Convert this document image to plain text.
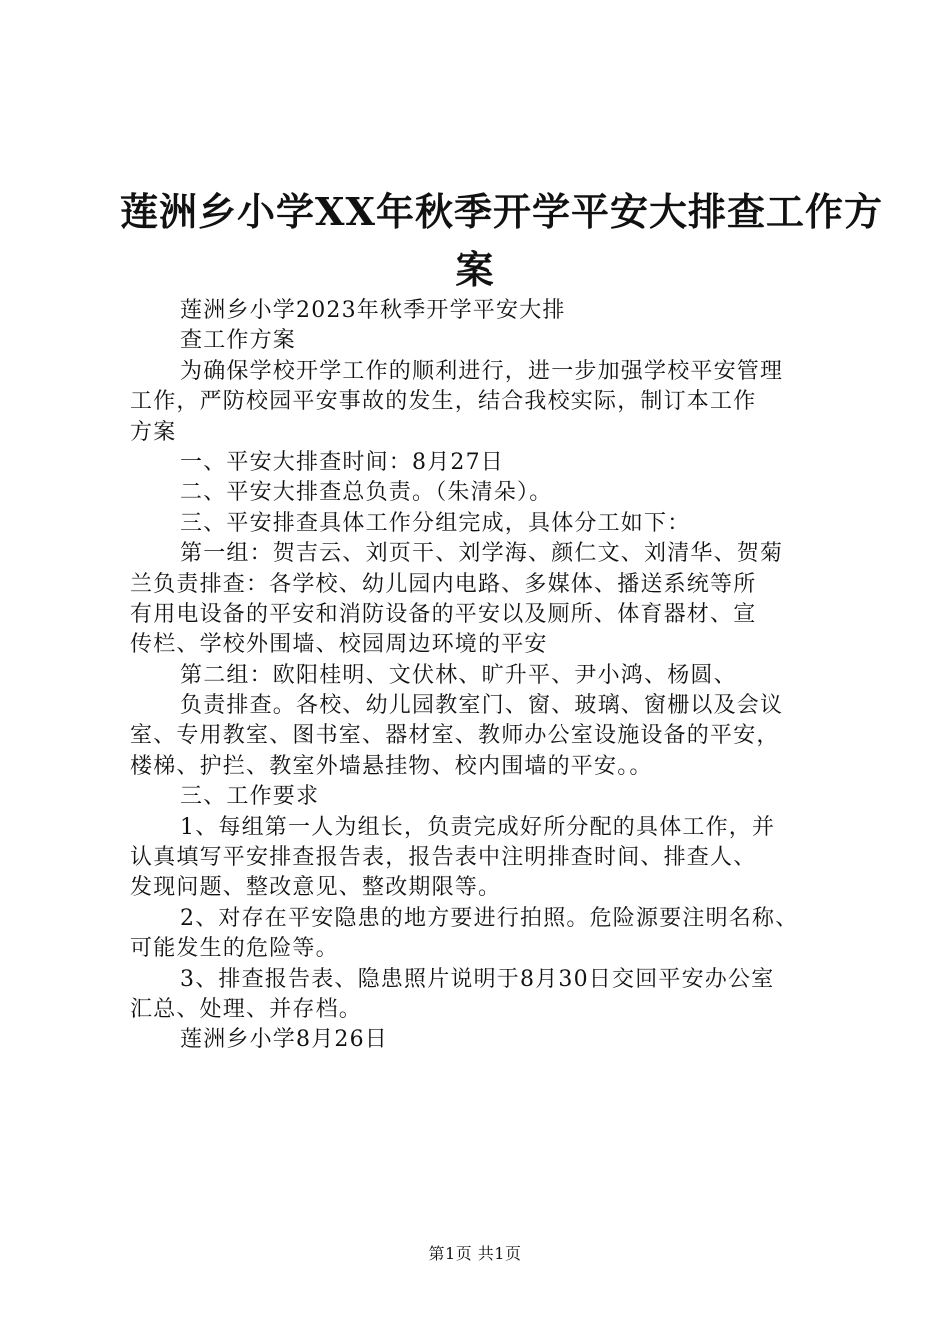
莲洲乡小学XX年秋季开学平安大排查工作方
案
莲洲乡小学2023年秋季开学平安大排
查工作方案
为确保学校开学工作的顺利进行，进一步加强学校平安管理
工作，严防校园平安事故的发生，结合我校实际，制订本工作
方案
一、平安大排查时间：8月27日
二、平安大排查总负责。（朱清朵）。
三、平安排查具体工作分组完成，具体分工如下：
第一组：贺吉云、刘页干、刘学海、颜仁文、刘清华、贺菊
兰负责排查：各学校、幼儿园内电路、多媒体、播送系统等所
有用电设备的平安和消防设备的平安以及厕所、体育器材、宣
传栏、学校外围墙、校园周边环境的平安
第二组：欧阳桂明、文伏林、旷升平、尹小鸿、杨圆、
负责排查。各校、幼儿园教室门、窗、玻璃、窗栅以及会议
室、专用教室、图书室、器材室、教师办公室设施设备的平安，
楼梯、护拦、教室外墙悬挂物、校内围墙的平安。。
三、工作要求
1、每组第一人为组长，负责完成好所分配的具体工作，并
认真填写平安排查报告表，报告表中注明排查时间、排查人、
发现问题、整改意见、整改期限等。
2、对存在平安隐患的地方要进行拍照。危险源要注明名称、
可能发生的危险等。
3、排查报告表、隐患照片说明于8月30日交回平安办公室
汇总、处理、并存档。
莲洲乡小学8月26日
第1页 共1页
